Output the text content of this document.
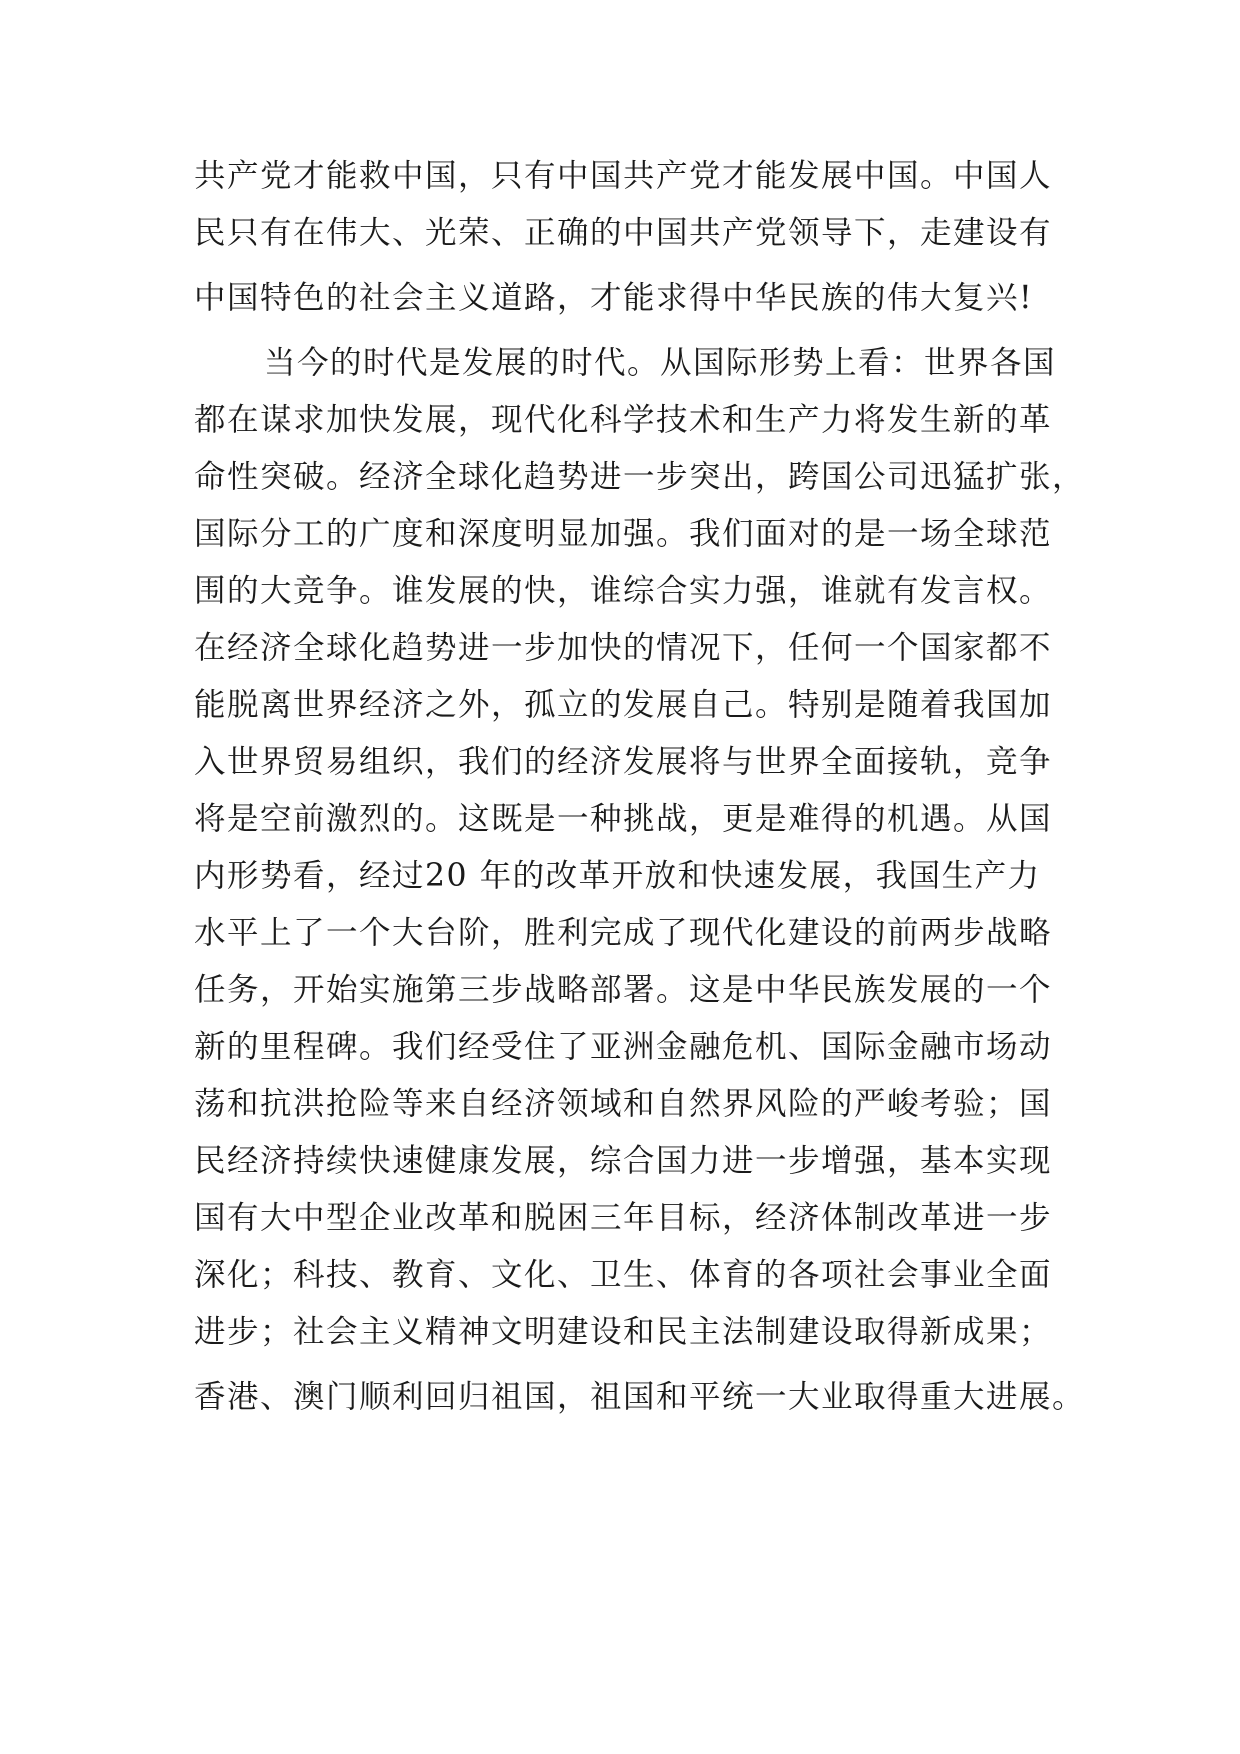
共产党才能救中国，只有中国共产党才能发展中国。中国人
民只有在伟大、光荣、正确的中国共产党领导下，走建设有
中国特色的社会主义道路，才能求得中华民族的伟大复兴!
当今的时代是发展的时代。从国际形势上看：世界各国
都在谋求加快发展，现代化科学技术和生产力将发生新的革
命性突破。经济全球化趋势进一步突出，跨国公司迅猛扩张，
国际分工的广度和深度明显加强。我们面对的是一场全球范
围的大竞争。谁发展的快，谁综合实力强，谁就有发言权。
在经济全球化趋势进一步加快的情况下，任何一个国家都不
能脱离世界经济之外，孤立的发展自己。特别是随着我国加
入世界贸易组织，我们的经济发展将与世界全面接轨，竞争
将是空前激烈的。这既是一种挑战，更是难得的机遇。从国
内形势看，经过20 年的改革开放和快速发展，我国生产力
水平上了一个大台阶，胜利完成了现代化建设的前两步战略
任务，开始实施第三步战略部署。这是中华民族发展的一个
新的里程碑。我们经受住了亚洲金融危机、国际金融市场动
荡和抗洪抢险等来自经济领域和自然界风险的严峻考验；国
民经济持续快速健康发展，综合国力进一步增强，基本实现
国有大中型企业改革和脱困三年目标，经济体制改革进一步
深化；科技、教育、文化、卫生、体育的各项社会事业全面
进步；社会主义精神文明建设和民主法制建设取得新成果；
香港、澳门顺利回归祖国，祖国和平统一大业取得重大进展。
